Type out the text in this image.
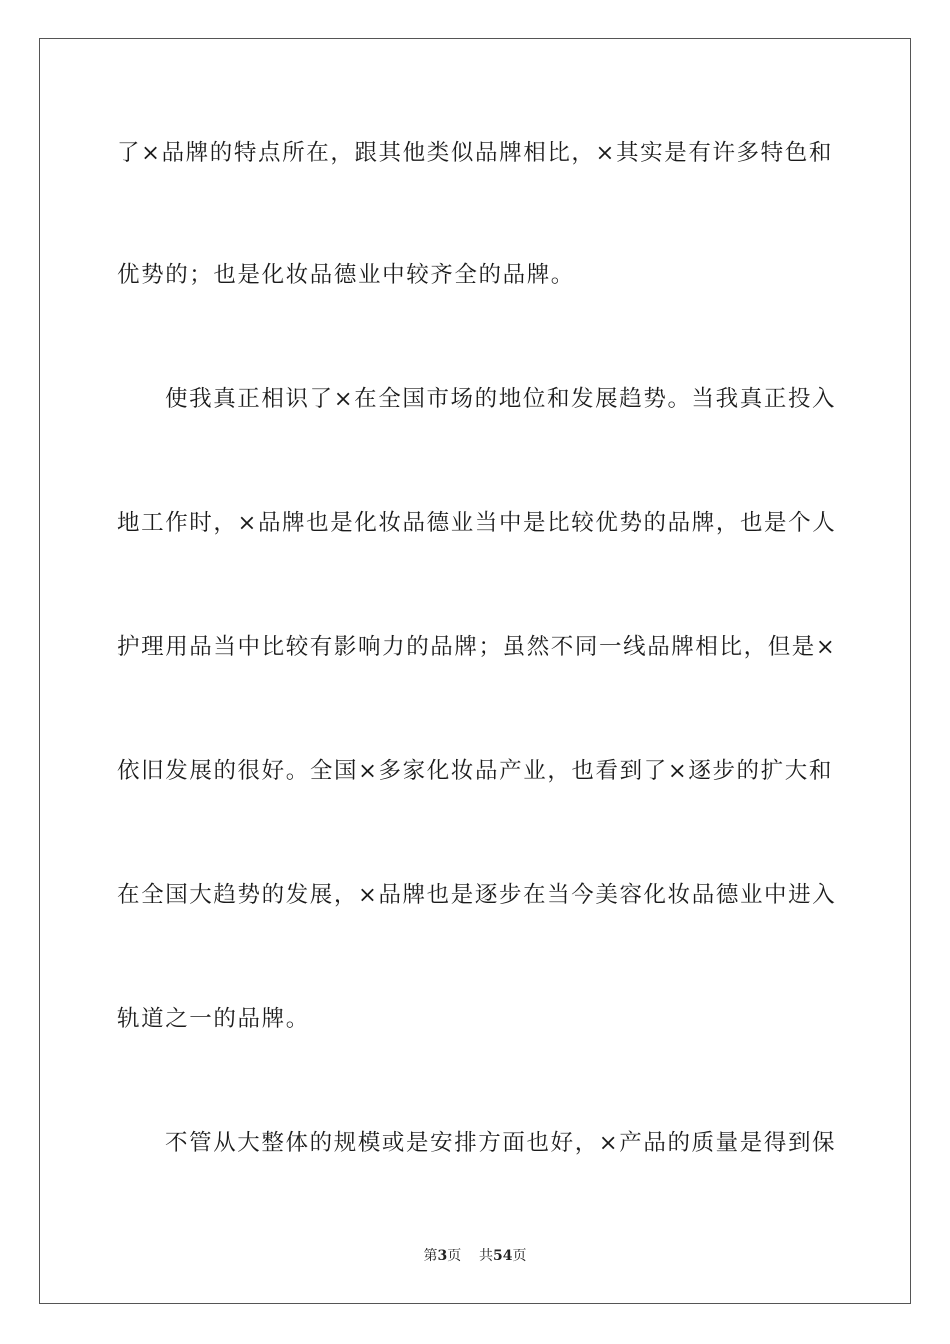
了×品牌的特点所在，跟其他类似品牌相比，×其实是有许多特色和
优势的；也是化妆品德业中较齐全的品牌。
使我真正相识了×在全国市场的地位和发展趋势。当我真正投入
地工作时，×品牌也是化妆品德业当中是比较优势的品牌，也是个人
护理用品当中比较有影响力的品牌；虽然不同一线品牌相比，但是×
依旧发展的很好。全国×多家化妆品产业，也看到了×逐步的扩大和
在全国大趋势的发展，×品牌也是逐步在当今美容化妆品德业中进入
轨道之一的品牌。
不管从大整体的规模或是安排方面也好，×产品的质量是得到保
第3页 共54页
